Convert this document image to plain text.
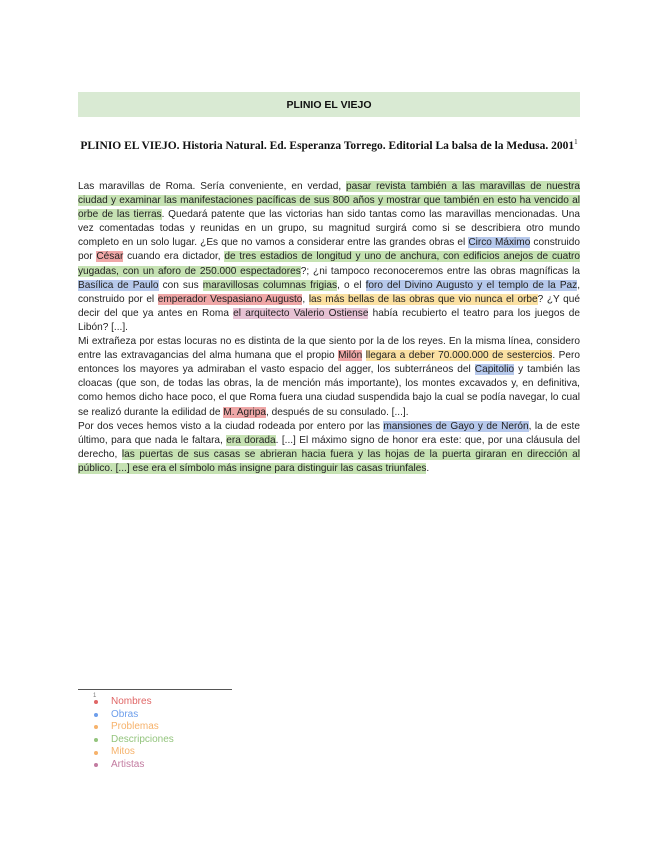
PLINIO EL VIEJO
PLINIO EL VIEJO. Historia Natural. Ed. Esperanza Torrego. Editorial La balsa de la Medusa. 2001$^1$

Las maravillas de Roma. Sería conveniente, en verdad, pasar revista también a las maravillas de nuestra ciudad y examinar las manifestaciones pacíficas de sus 800 años y mostrar que también en esto ha vencido al orbe de las tierras. Quedará patente que las victorias han sido tantas como las maravillas mencionadas. Una vez comentadas todas y reunidas en un grupo, su magnitud surgirá como si se describiera otro mundo completo en un solo lugar. ¿Es que no vamos a considerar entre las grandes obras el Circo Máximo construido por César cuando era dictador, de tres estadios de longitud y uno de anchura, con edificios anejos de cuatro yugadas, con un aforo de 250.000 espectadores?; ¿ni tampoco reconoceremos entre las obras magníficas la Basílica de Paulo con sus maravillosas columnas frigias, o el foro del Divino Augusto y el templo de la Paz, construido por el emperador Vespasiano Augusto, las más bellas de las obras que vio nunca el orbe? ¿Y qué decir del que ya antes en Roma el arquitecto Valerio Ostiense había recubierto el teatro para los juegos de Libón? [...].

Mi extrañeza por estas locuras no es distinta de la que siento por la de los reyes. En la misma línea, considero entre las extravagancias del alma humana que el propio Milón llegara a deber 70.000.000 de sestercios. Pero entonces los mayores ya admiraban el vasto espacio del agger, los subterráneos del Capitolio y también las cloacas (que son, de todas las obras, la de mención más importante), los montes excavados y, en definitiva, como hemos dicho hace poco, el que Roma fuera una ciudad suspendida bajo la cual se podía navegar, lo cual se realizó durante la edilidad de M. Agripa, después de su consulado. [...].

Por dos veces hemos visto a la ciudad rodeada por entero por las mansiones de Gayo y de Nerón, la de este último, para que nada le faltara, era dorada. [...] El máximo signo de honor era este: que, por una cláusula del derecho, las puertas de sus casas se abrieran hacia fuera y las hojas de la puerta giraran en dirección al público. [...] ese era el símbolo más insigne para distinguir las casas triunfales.

1 Nombres
Obras
Problemas
Descripciones
Mitos
Artistas
